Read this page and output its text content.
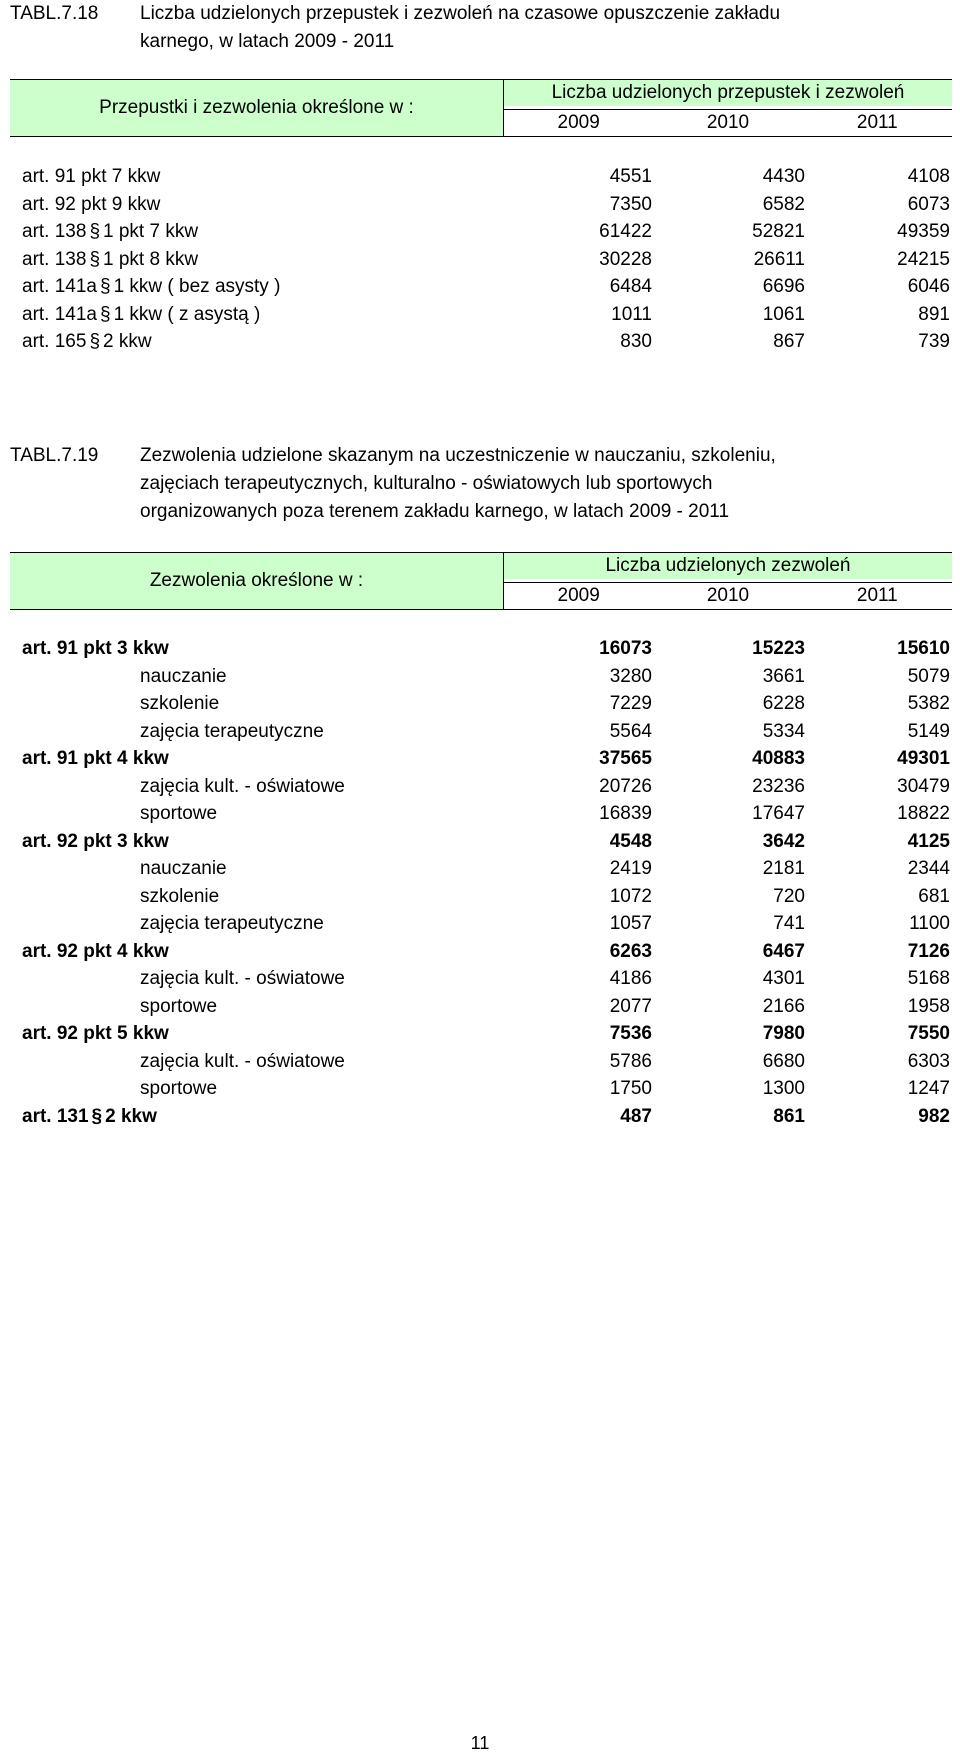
TABL.7.18 Liczba udzielonych przepustek i zezwoleń na czasowe opuszczenie zakładu
karnego, w latach 2009 - 2011
Przepustki i zezwolenia określone w :
Liczba udzielonych przepustek i zezwoleń
2009	2010	2011
art. 91 pkt 7 kkw	4551	4430	4108
art. 92 pkt 9 kkw	7350	6582	6073
art. 138 § 1 pkt 7 kkw	61422	52821	49359
art. 138 § 1 pkt 8 kkw	30228	26611	24215
art. 141a § 1 kkw ( bez asysty )	6484	6696	6046
art. 141a § 1 kkw ( z asystą )	1011	1061	891
art. 165 § 2 kkw	830	867	739
TABL.7.19 Zezwolenia udzielone skazanym na uczestniczenie w nauczaniu, szkoleniu,
zajęciach terapeutycznych, kulturalno - oświatowych lub sportowych
organizowanych poza terenem zakładu karnego, w latach 2009 - 2011
Zezwolenia określone w :
Liczba udzielonych zezwoleń
2009	2010	2011
art. 91 pkt 3 kkw	16073	15223	15610
nauczanie	3280	3661	5079
szkolenie	7229	6228	5382
zajęcia terapeutyczne	5564	5334	5149
art. 91 pkt 4 kkw	37565	40883	49301
zajęcia kult. - oświatowe	20726	23236	30479
sportowe	16839	17647	18822
art. 92 pkt 3 kkw	4548	3642	4125
nauczanie	2419	2181	2344
szkolenie	1072	720	681
zajęcia terapeutyczne	1057	741	1100
art. 92 pkt 4 kkw	6263	6467	7126
zajęcia kult. - oświatowe	4186	4301	5168
sportowe	2077	2166	1958
art. 92 pkt 5 kkw	7536	7980	7550
zajęcia kult. - oświatowe	5786	6680	6303
sportowe	1750	1300	1247
art. 131 § 2 kkw	487	861	982
11
